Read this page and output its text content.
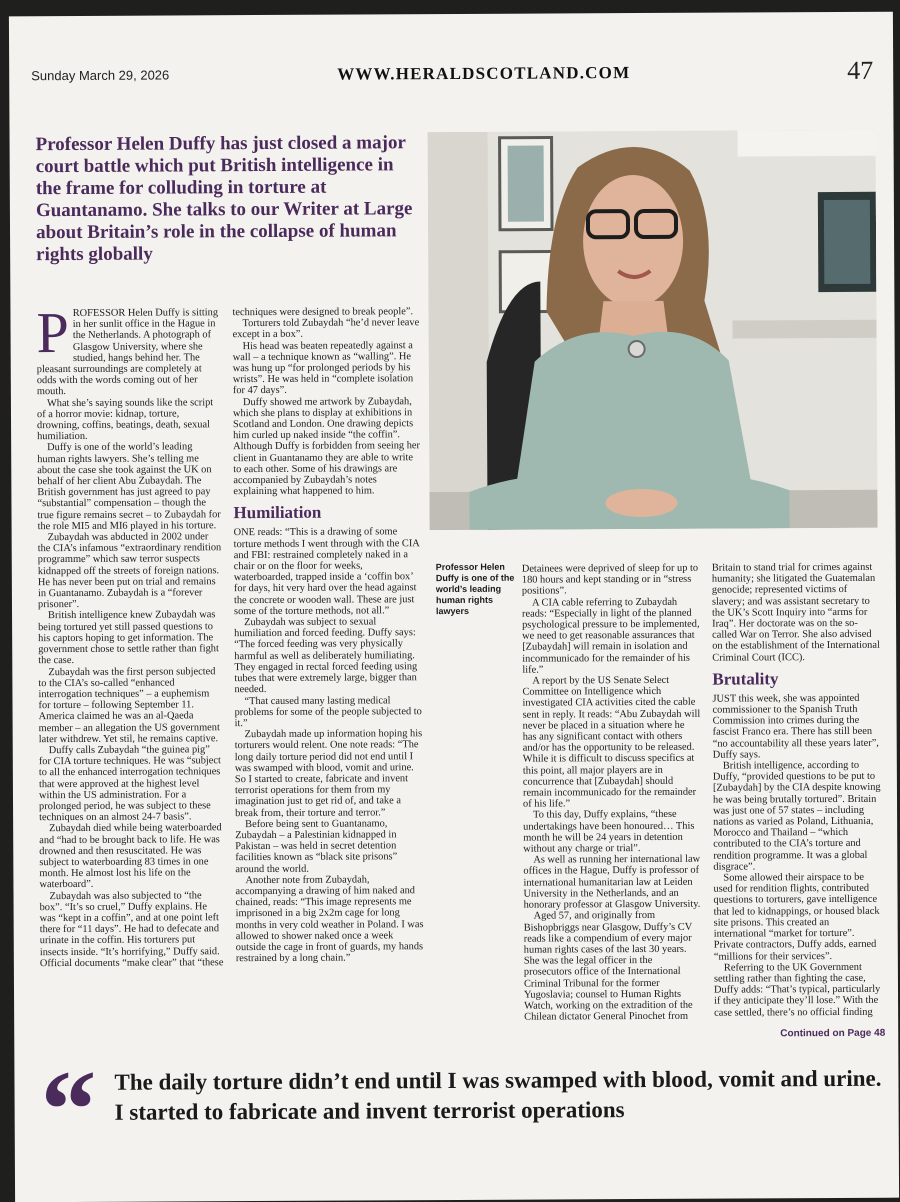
Sunday March 29, 2026	WWW.HERALDSCOTLAND.COM	47
Professor Helen Duffy has just closed a major court battle which put British intelligence in the frame for colluding in torture at Guantanamo. She talks to our Writer at Large about Britain’s role in the collapse of human rights globally

PROFESSOR Helen Duffy is sitting in her sunlit office in the Hague in the Netherlands. A photograph of Glasgow University, where she studied, hangs behind her. The pleasant surroundings are completely at odds with the words coming out of her mouth.

What she’s saying sounds like the script of a horror movie: kidnap, torture, drowning, coffins, beatings, death, sexual humiliation.

Duffy is one of the world’s leading human rights lawyers. She’s telling me about the case she took against the UK on behalf of her client Abu Zubaydah. The British government has just agreed to pay “substantial” compensation – though the true figure remains secret – to Zubaydah for the role MI5 and MI6 played in his torture.

Zubaydah was abducted in 2002 under the CIA’s infamous “extraordinary rendition programme” which saw terror suspects kidnapped off the streets of foreign nations. He has never been put on trial and remains in Guantanamo. Zubaydah is a “forever prisoner”.

British intelligence knew Zubaydah was being tortured yet still passed questions to his captors hoping to get information. The government chose to settle rather than fight the case.

Zubaydah was the first person subjected to the CIA’s so-called “enhanced interrogation techniques” – a euphemism for torture – following September 11. America claimed he was an al-Qaeda member – an allegation the US government later withdrew. Yet stil, he remains captive.

Duffy calls Zubaydah “the guinea pig” for CIA torture techniques. He was “subject to all the enhanced interrogation techniques that were approved at the highest level within the US administration. For a prolonged period, he was subject to these techniques on an almost 24-7 basis”.

Zubaydah died while being waterboarded and “had to be brought back to life. He was drowned and then resuscitated. He was subject to waterboarding 83 times in one month. He almost lost his life on the waterboard”.

Zubaydah was also subjected to “the box”. “It’s so cruel,” Duffy explains. He was “kept in a coffin”, and at one point left there for “11 days”. He had to defecate and urinate in the coffin. His torturers put insects inside. “It’s horrifying,” Duffy said. Official documents “make clear” that “these

techniques were designed to break people”.

Torturers told Zubaydah “he’d never leave except in a box”.

His head was beaten repeatedly against a wall – a technique known as “walling”. He was hung up “for prolonged periods by his wrists”. He was held in “complete isolation for 47 days”.

Duffy showed me artwork by Zubaydah, which she plans to display at exhibitions in Scotland and London. One drawing depicts him curled up naked inside “the coffin”. Although Duffy is forbidden from seeing her client in Guantanamo they are able to write to each other. Some of his drawings are accompanied by Zubaydah’s notes explaining what happened to him.

Humiliation

ONE reads: “This is a drawing of some torture methods I went through with the CIA and FBI: restrained completely naked in a chair or on the floor for weeks, waterboarded, trapped inside a ‘coffin box’ for days, hit very hard over the head against the concrete or wooden wall. These are just some of the torture methods, not all.”

Zubaydah was subject to sexual humiliation and forced feeding. Duffy says: “The forced feeding was very physically harmful as well as deliberately humiliating. They engaged in rectal forced feeding using tubes that were extremely large, bigger than needed.

“That caused many lasting medical problems for some of the people subjected to it.”

Zubaydah made up information hoping his torturers would relent. One note reads: “The long daily torture period did not end until I was swamped with blood, vomit and urine. So I started to create, fabricate and invent terrorist operations for them from my imagination just to get rid of, and take a break from, their torture and terror.”

Before being sent to Guantanamo, Zubaydah – a Palestinian kidnapped in Pakistan – was held in secret detention facilities known as “black site prisons” around the world.

Another note from Zubaydah, accompanying a drawing of him naked and chained, reads: “This image represents me imprisoned in a big 2x2m cage for long months in very cold weather in Poland. I was allowed to shower naked once a week outside the cage in front of guards, my hands restrained by a long chain.”

Professor Helen Duffy is one of the world’s leading human rights lawyers

Detainees were deprived of sleep for up to 180 hours and kept standing or in “stress positions”.

A CIA cable referring to Zubaydah reads: “Especially in light of the planned psychological pressure to be implemented, we need to get reasonable assurances that [Zubaydah] will remain in isolation and incommunicado for the remainder of his life.”

A report by the US Senate Select Committee on Intelligence which investigated CIA activities cited the cable sent in reply. It reads: “Abu Zubaydah will never be placed in a situation where he has any significant contact with others and/or has the opportunity to be released. While it is difficult to discuss specifics at this point, all major players are in concurrence that [Zubaydah] should remain incommunicado for the remainder of his life.”

To this day, Duffy explains, “these undertakings have been honoured… This month he will be 24 years in detention without any charge or trial”.

As well as running her international law offices in the Hague, Duffy is professor of international humanitarian law at Leiden University in the Netherlands, and an honorary professor at Glasgow University.

Aged 57, and originally from Bishopbriggs near Glasgow, Duffy’s CV reads like a compendium of every major human rights cases of the last 30 years. She was the legal officer in the prosecutors office of the International Criminal Tribunal for the former Yugoslavia; counsel to Human Rights Watch, working on the extradition of the Chilean dictator General Pinochet from

Britain to stand trial for crimes against humanity; she litigated the Guatemalan genocide; represented victims of slavery; and was assistant secretary to the UK’s Scott Inquiry into “arms for Iraq”. Her doctorate was on the so-called War on Terror. She also advised on the establishment of the International Criminal Court (ICC).

Brutality

JUST this week, she was appointed commissioner to the Spanish Truth Commission into crimes during the fascist Franco era. There has still been “no accountability all these years later”, Duffy says.

British intelligence, according to Duffy, “provided questions to be put to [Zubaydah] by the CIA despite knowing he was being brutally tortured”. Britain was just one of 57 states – including nations as varied as Poland, Lithuania, Morocco and Thailand – “which contributed to the CIA’s torture and rendition programme. It was a global disgrace”.

Some allowed their airspace to be used for rendition flights, contributed questions to torturers, gave intelligence that led to kidnappings, or housed black site prisons. This created an international “market for torture”. Private contractors, Duffy adds, earned “millions for their services”.

Referring to the UK Government settling rather than fighting the case, Duffy adds: “That’s typical, particularly if they anticipate they’ll lose.” With the case settled, there’s no official finding

Continued on Page 48
“ The daily torture didn’t end until I was swamped with blood, vomit and urine. I started to fabricate and invent terrorist operations
